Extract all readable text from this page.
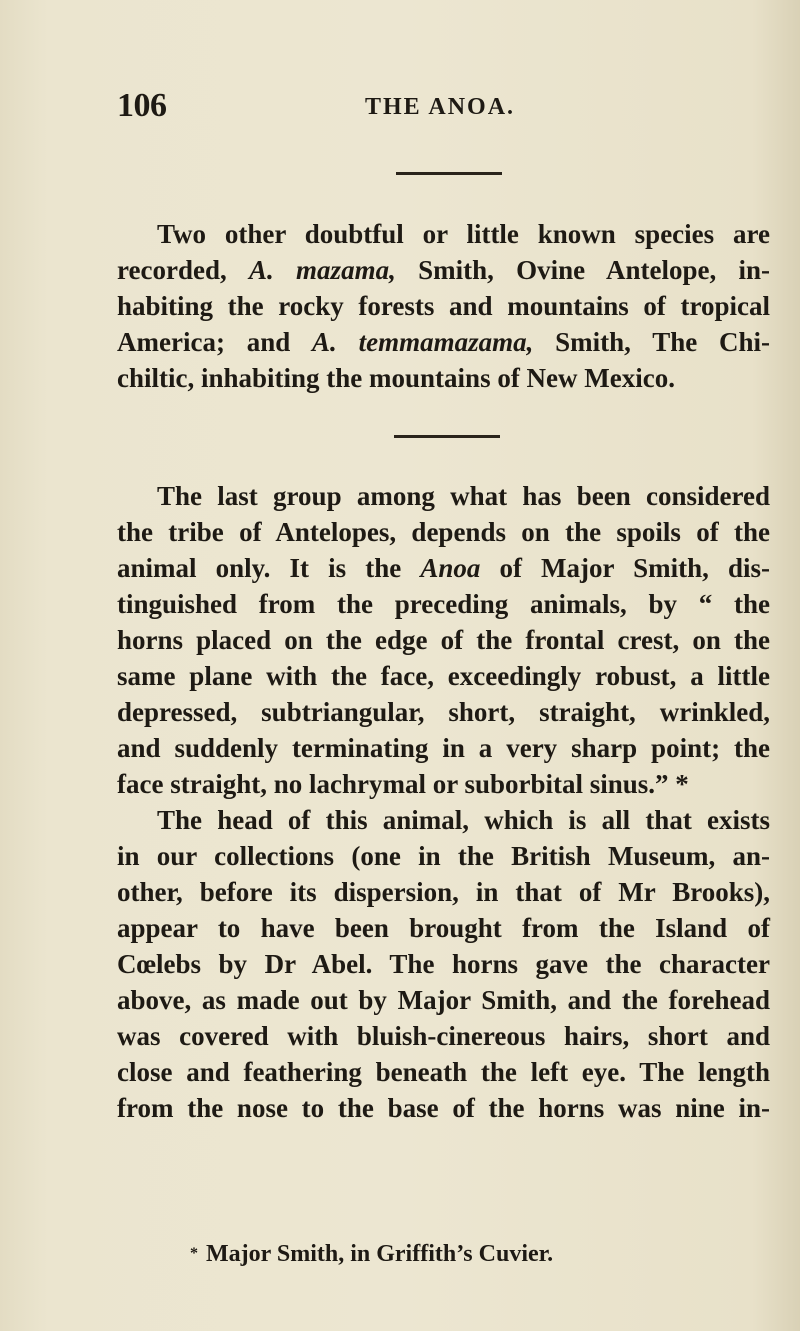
106	THE ANOA.
Two other doubtful or little known species are
recorded, A. mazama, Smith, Ovine Antelope, in-
habiting the rocky forests and mountains of tropical
America; and A. temmamazama, Smith, The Chi-
chiltic, inhabiting the mountains of New Mexico.
The last group among what has been considered
the tribe of Antelopes, depends on the spoils of the
animal only. It is the Anoa of Major Smith, dis-
tinguished from the preceding animals, by “ the
horns placed on the edge of the frontal crest, on the
same plane with the face, exceedingly robust, a little
depressed, subtriangular, short, straight, wrinkled,
and suddenly terminating in a very sharp point; the
face straight, no lachrymal or suborbital sinus.” *
The head of this animal, which is all that exists
in our collections (one in the British Museum, an-
other, before its dispersion, in that of Mr Brooks),
appear to have been brought from the Island of
Cœlebs by Dr Abel. The horns gave the character
above, as made out by Major Smith, and the forehead
was covered with bluish-cinereous hairs, short and
close and feathering beneath the left eye. The length
from the nose to the base of the horns was nine in-
* Major Smith, in Griffith’s Cuvier.
